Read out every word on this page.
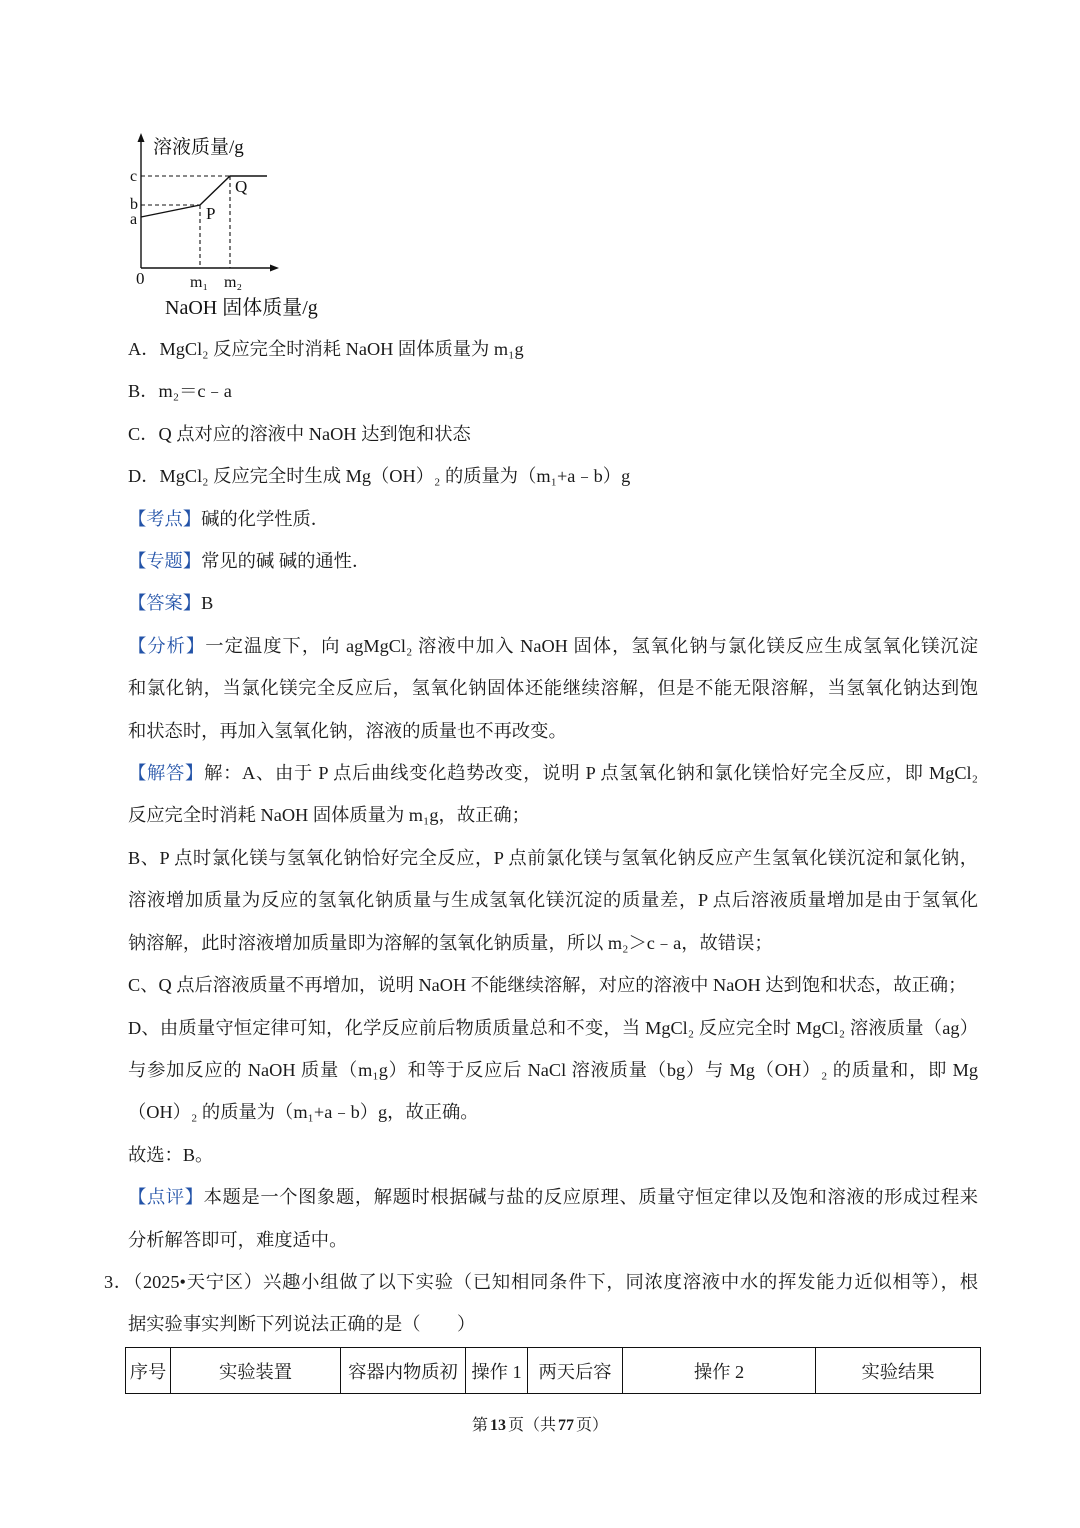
溶液质量/g
c
b
a
0	m₁ m₂
P
Q
NaOH 固体质量/g
A．MgCl₂ 反应完全时消耗 NaOH 固体质量为 m₁g
B．m₂＝c﹣a
C．Q 点对应的溶液中 NaOH 达到饱和状态
D．MgCl₂ 反应完全时生成 Mg（OH）₂ 的质量为（m₁+a﹣b）g
【考点】碱的化学性质．
【专题】常见的碱 碱的通性．
【答案】B
【分析】一定温度下，向 agMgCl₂ 溶液中加入 NaOH 固体，氢氧化钠与氯化镁反应生成氢氧化镁沉淀
和氯化钠，当氯化镁完全反应后，氢氧化钠固体还能继续溶解，但是不能无限溶解，当氢氧化钠达到饱
和状态时，再加入氢氧化钠，溶液的质量也不再改变。
【解答】解：A、由于 P 点后曲线变化趋势改变，说明 P 点氢氧化钠和氯化镁恰好完全反应，即 MgCl₂
反应完全时消耗 NaOH 固体质量为 m₁g，故正确；
B、P 点时氯化镁与氢氧化钠恰好完全反应，P 点前氯化镁与氢氧化钠反应产生氢氧化镁沉淀和氯化钠，
溶液增加质量为反应的氢氧化钠质量与生成氢氧化镁沉淀的质量差，P 点后溶液质量增加是由于氢氧化
钠溶解，此时溶液增加质量即为溶解的氢氧化钠质量，所以 m₂＞c﹣a，故错误；
C、Q 点后溶液质量不再增加，说明 NaOH 不能继续溶解，对应的溶液中 NaOH 达到饱和状态，故正确；
D、由质量守恒定律可知，化学反应前后物质质量总和不变，当 MgCl₂ 反应完全时 MgCl₂ 溶液质量（ag）
与参加反应的 NaOH 质量（m₁g）和等于反应后 NaCl 溶液质量（bg）与 Mg（OH）₂ 的质量和，即 Mg
（OH）₂ 的质量为（m₁+a﹣b）g，故正确。
故选：B。
【点评】本题是一个图象题，解题时根据碱与盐的反应原理、质量守恒定律以及饱和溶液的形成过程来
分析解答即可，难度适中。
3．（2025•天宁区）兴趣小组做了以下实验（已知相同条件下，同浓度溶液中水的挥发能力近似相等），根
据实验事实判断下列说法正确的是（　　）
序号	实验装置	容器内物质初	操作 1	两天后容	操作 2	实验结果
第 13 页（共 77 页）
